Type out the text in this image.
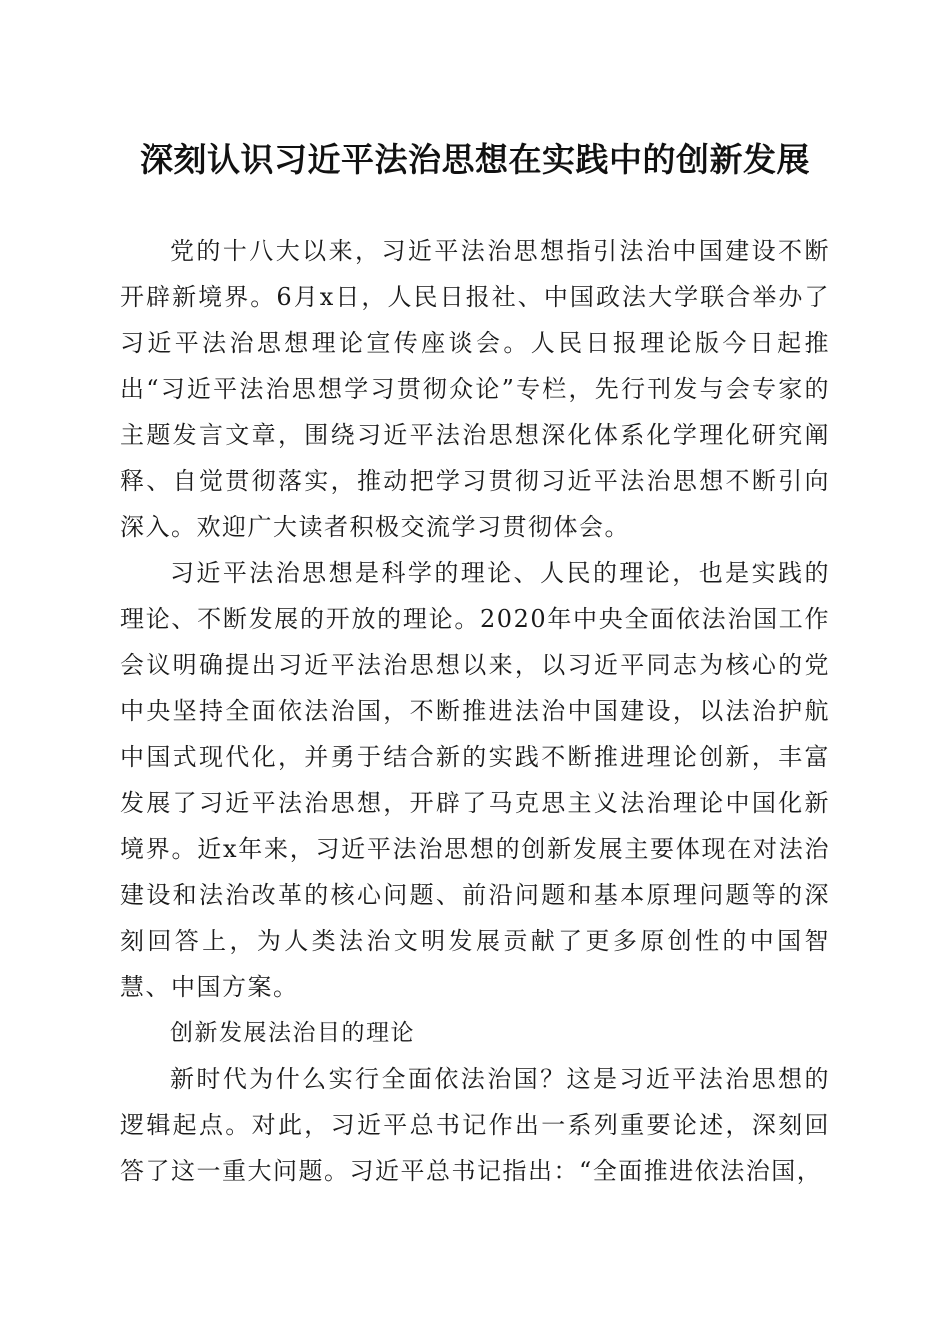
深刻认识习近平法治思想在实践中的创新发展

党的十八大以来，习近平法治思想指引法治中国建设不断开辟新境界。6月x日，人民日报社、中国政法大学联合举办了习近平法治思想理论宣传座谈会。人民日报理论版今日起推出“习近平法治思想学习贯彻众论”专栏，先行刊发与会专家的主题发言文章，围绕习近平法治思想深化体系化学理化研究阐释、自觉贯彻落实，推动把学习贯彻习近平法治思想不断引向深入。欢迎广大读者积极交流学习贯彻体会。

习近平法治思想是科学的理论、人民的理论，也是实践的理论、不断发展的开放的理论。2020年中央全面依法治国工作会议明确提出习近平法治思想以来，以习近平同志为核心的党中央坚持全面依法治国，不断推进法治中国建设，以法治护航中国式现代化，并勇于结合新的实践不断推进理论创新，丰富发展了习近平法治思想，开辟了马克思主义法治理论中国化新境界。近x年来，习近平法治思想的创新发展主要体现在对法治建设和法治改革的核心问题、前沿问题和基本原理问题等的深刻回答上，为人类法治文明发展贡献了更多原创性的中国智慧、中国方案。

创新发展法治目的理论

新时代为什么实行全面依法治国？这是习近平法治思想的逻辑起点。对此，习近平总书记作出一系列重要论述，深刻回答了这一重大问题。习近平总书记指出：“全面推进依法治国，
